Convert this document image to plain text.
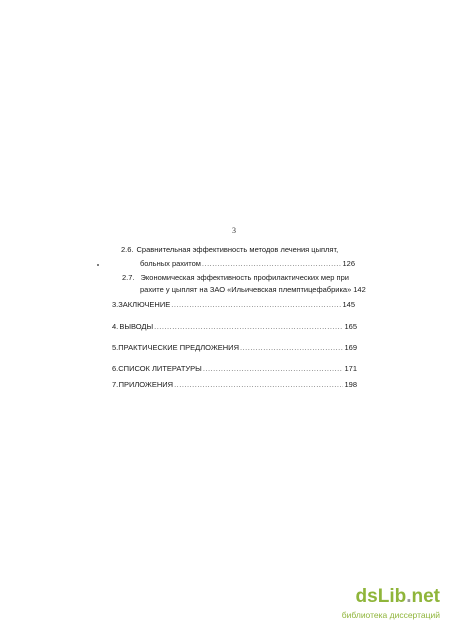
3
2.6. Сравнительная эффективность методов лечения цыплят,
больных рахитом .....	126
2.7. Экономическая эффективность профилактических мер при
рахите у цыплят на ЗАО «Ильичевская племптицефабрика» 142
3. ЗАКЛЮЧЕНИЕ .....	145
4. ВЫВОДЫ .....	165
5. ПРАКТИЧЕСКИЕ ПРЕДЛОЖЕНИЯ .....	169
6. СПИСОК ЛИТЕРАТУРЫ .....	171
7. ПРИЛОЖЕНИЯ .....	198
dsLib.net
библиотека диссертаций
